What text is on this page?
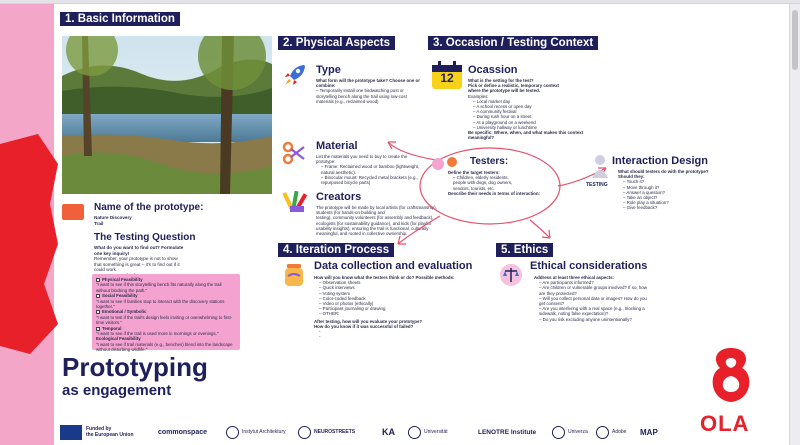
1. Basic Information
Name of the prototype:
Nature Discovery
Trail
The Testing Question
What do you want to find out? Formulate
one key inquiry!
Remember, your prototype is not to show
that something is great – it's to find out if it
could work.
Physical Feasibility
"I want to see if this storytelling bench fits naturally along the trail without blocking the path."
Social Feasibility
"I want to see if families stop to interact with the discovery stations together."
Emotional / Symbolic
"I want to test if the trail's design feels inviting or overwhelming to first-time visitors."
Temporal
"I want to see if the trail is used more in mornings or evenings."
Ecological Feasibility
"I want to see if trail materials (e.g., benches) blend into the landscape without disturbing wildlife."
Prototyping
as engagement
2. Physical Aspects
Type
What form will the prototype take? Choose one or combine:
– Temporarily install one birdwatching post or storytelling bench along the trail using low-cost materials (e.g., reclaimed wood)
Material
List the materials you need to buy to create the prototype:
– Frame: Reclaimed wood or bamboo (lightweight, natural aesthetic).
– Binocular mount: Recycled metal brackets (e.g., repurposed bicycle parts)
Creators
The prototype will be made by local artists (for craftsmanship), students (for hands-on building and
testing), community volunteers (for assembly and feedback),
ecologists (for sustainability guidance), and kids (for playful
usability insights), ensuring the trail is functional, culturally
meaningful, and rooted in collective ownership.
3. Occasion / Testing Context
12
Ocassion
What is the setting for the test?
Pick or define a realistic, temporary context
where the prototype will be tested.
Examples:
– Local market day
– A school recess or open day
– A community festival
– During rush hour on a street
– At a playground on a weekend
– University hallway or lunchtime
Be specific: Where, when, and what makes this context meaningful?
Testers:
Define the target testers:
– Children, elderly residents,
people with dogs, dog owners,
vendors, tourists, etc.
Describe their needs in terms of interaction:
TESTING
Interaction Design
What should testers do with the prototype?
Should they:
– Touch it?
– Move through it?
– Answer a question?
– Take an object?
– Role play a situation?
– Give feedback?
4. Iteration Process
Data collection and evaluation
How will you know what the testers think or do? Possible methods:
– Observation sheets
– Quick interviews
– Voting system
– Color-coded feedback
– Video or photos (ethically)
– Participant journaling or drawing
– OTHER:
After testing, how will you evaluate your prototype? How do you know if it was successful of failed?
-
-
5. Ethics
Ethical considerations
Address at least three ethical aspects:
– Are participants informed?
– Are children or vulnerable groups involved? If so, how are they protected?
– Will you collect personal data or images? How do you get consent?
– Are you interfering with a real space (e.g., blocking a sidewalk, noting false expectation)?
– Do you risk excluding anyone unintentionally?
OLA
Funded by
the European Union	commonspace	Instytut Architektury	NEUROSTREETS	KA	Universität	LENOTRE Institute	Univerza	Adobe MAP
